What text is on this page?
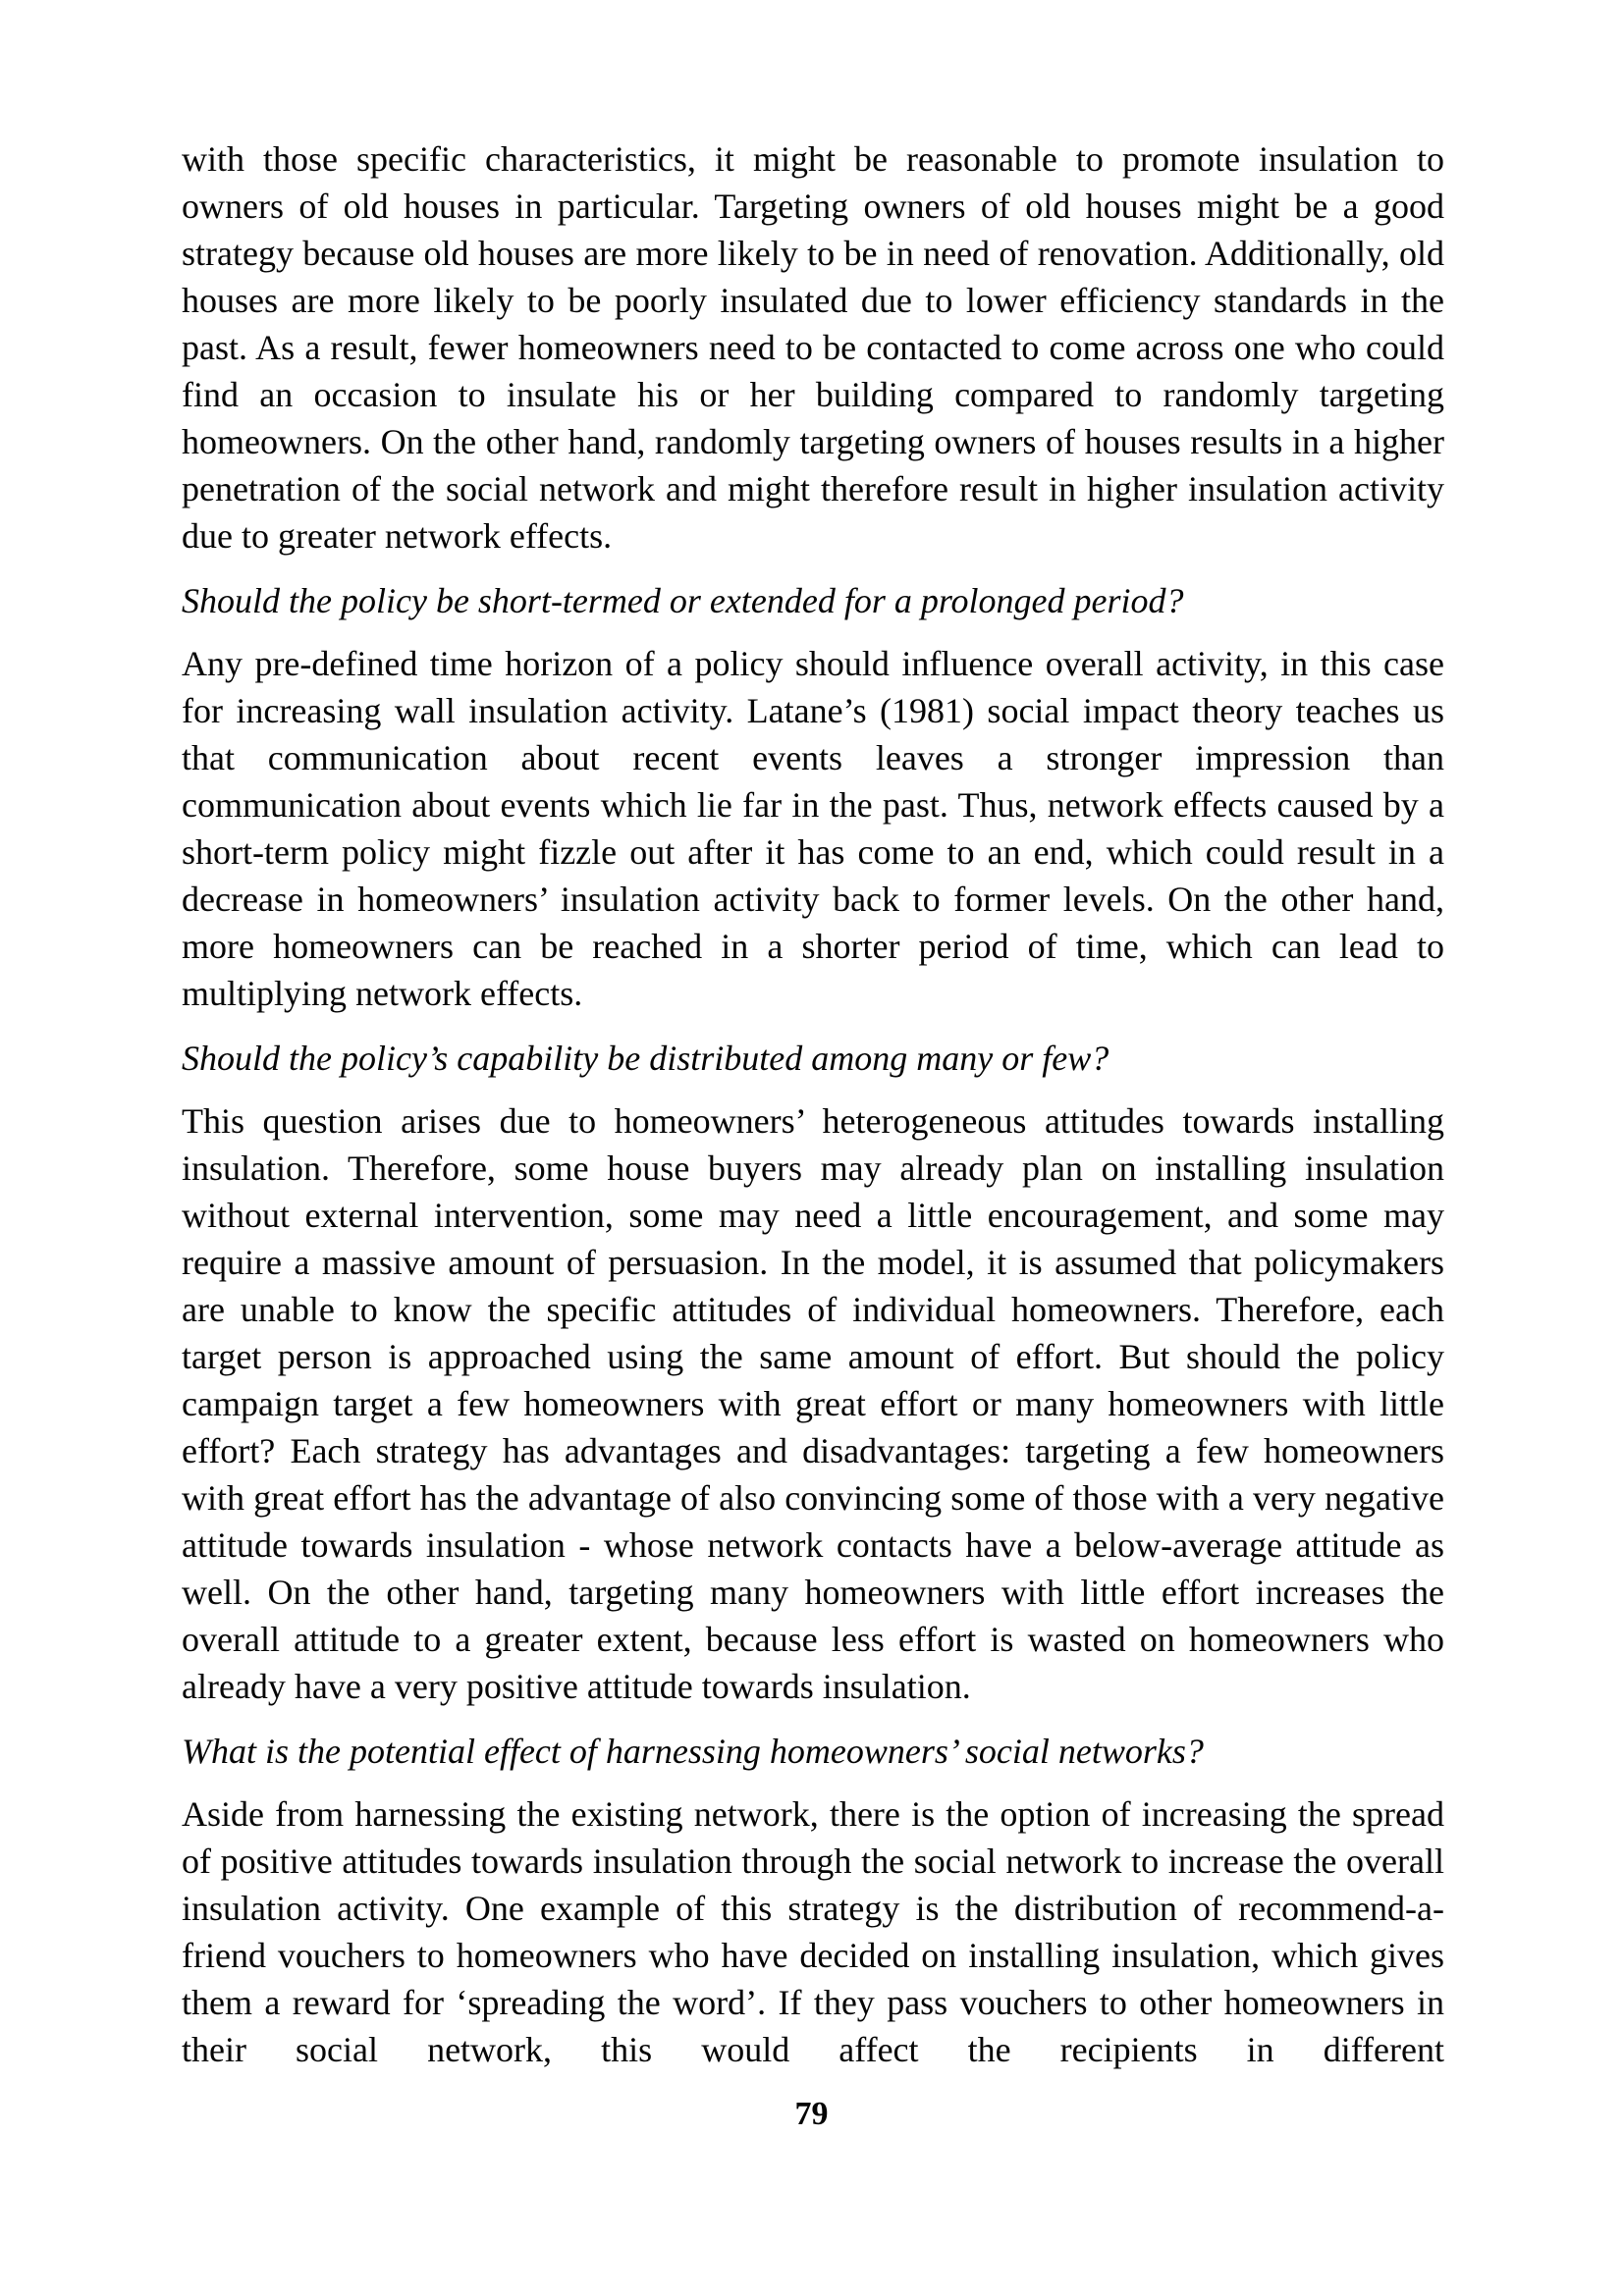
with those specific characteristics, it might be reasonable to promote insulation to owners of old houses in particular. Targeting owners of old houses might be a good strategy because old houses are more likely to be in need of renovation. Additionally, old houses are more likely to be poorly insulated due to lower efficiency standards in the past. As a result, fewer homeowners need to be contacted to come across one who could find an occasion to insulate his or her building compared to randomly targeting homeowners. On the other hand, randomly targeting owners of houses results in a higher penetration of the social network and might therefore result in higher insulation activity due to greater network effects.

Should the policy be short-termed or extended for a prolonged period?

Any pre-defined time horizon of a policy should influence overall activity, in this case for increasing wall insulation activity. Latane’s (1981) social impact theory teaches us that communication about recent events leaves a stronger impression than communication about events which lie far in the past. Thus, network effects caused by a short-term policy might fizzle out after it has come to an end, which could result in a decrease in homeowners’ insulation activity back to former levels. On the other hand, more homeowners can be reached in a shorter period of time, which can lead to multiplying network effects.

Should the policy’s capability be distributed among many or few?

This question arises due to homeowners’ heterogeneous attitudes towards installing insulation. Therefore, some house buyers may already plan on installing insulation without external intervention, some may need a little encouragement, and some may require a massive amount of persuasion. In the model, it is assumed that policymakers are unable to know the specific attitudes of individual homeowners. Therefore, each target person is approached using the same amount of effort. But should the policy campaign target a few homeowners with great effort or many homeowners with little effort? Each strategy has advantages and disadvantages: targeting a few homeowners with great effort has the advantage of also convincing some of those with a very negative attitude towards insulation - whose network contacts have a below-average attitude as well. On the other hand, targeting many homeowners with little effort increases the overall attitude to a greater extent, because less effort is wasted on homeowners who already have a very positive attitude towards insulation.

What is the potential effect of harnessing homeowners’ social networks?

Aside from harnessing the existing network, there is the option of increasing the spread of positive attitudes towards insulation through the social network to increase the overall insulation activity. One example of this strategy is the distribution of recommend-a-friend vouchers to homeowners who have decided on installing insulation, which gives them a reward for ‘spreading the word’. If they pass vouchers to other homeowners in their social network, this would affect the recipients in different

79
